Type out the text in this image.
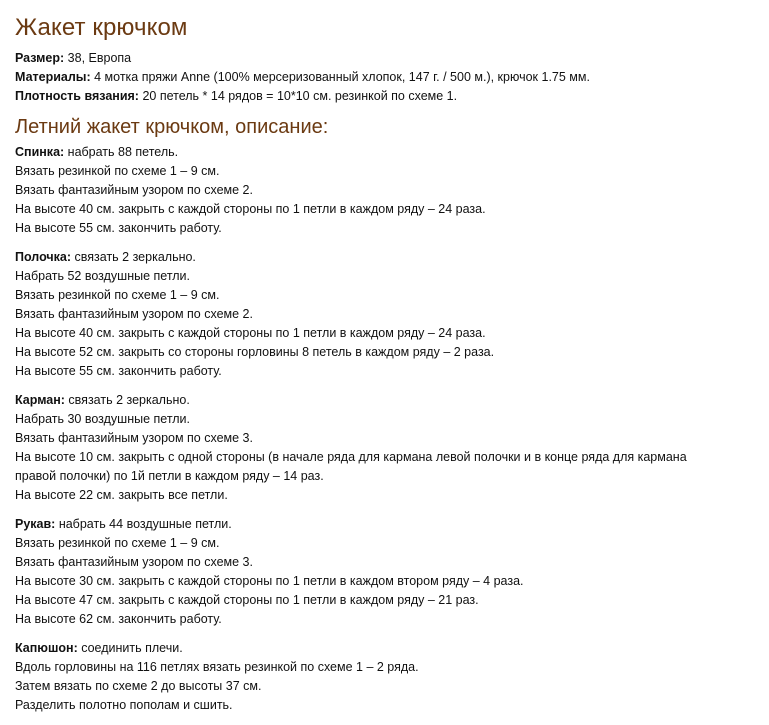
Жакет крючком
Размер: 38, Европа
Материалы: 4 мотка пряжи Anne (100% мерсеризованный хлопок, 147 г. / 500 м.), крючок 1.75 мм.
Плотность вязания: 20 петель * 14 рядов = 10*10 см. резинкой по схеме 1.
Летний жакет крючком, описание:

Спинка: набрать 88 петель.

Вязать резинкой по схеме 1 – 9 см.

Вязать фантазийным узором по схеме 2.

На высоте 40 см. закрыть с каждой стороны по 1 петли в каждом ряду – 24 раза.

На высоте 55 см. закончить работу.

Полочка: связать 2 зеркально.

Набрать 52 воздушные петли.

Вязать резинкой по схеме 1 – 9 см.

Вязать фантазийным узором по схеме 2.

На высоте 40 см. закрыть с каждой стороны по 1 петли в каждом ряду – 24 раза.

На высоте 52 см. закрыть со стороны горловины 8 петель в каждом ряду – 2 раза.

На высоте 55 см. закончить работу.

Карман: связать 2 зеркально.

Набрать 30 воздушные петли.

Вязать фантазийным узором по схеме 3.

На высоте 10 см. закрыть с одной стороны (в начале ряда для кармана левой полочки и в конце ряда для кармана

правой полочки) по 1й петли в каждом ряду – 14 раз.

На высоте 22 см. закрыть все петли.

Рукав: набрать 44 воздушные петли.

Вязать резинкой по схеме 1 – 9 см.

Вязать фантазийным узором по схеме 3.

На высоте 30 см. закрыть с каждой стороны по 1 петли в каждом втором ряду – 4 раза.

На высоте 47 см. закрыть с каждой стороны по 1 петли в каждом ряду – 21 раз.

На высоте 62 см. закончить работу.

Капюшон: соединить плечи.

Вдоль горловины на 116 петлях вязать резинкой по схеме 1 – 2 ряда.

Затем вязать по схеме 2 до высоты 37 см.

Разделить полотно пополам и сшить.
